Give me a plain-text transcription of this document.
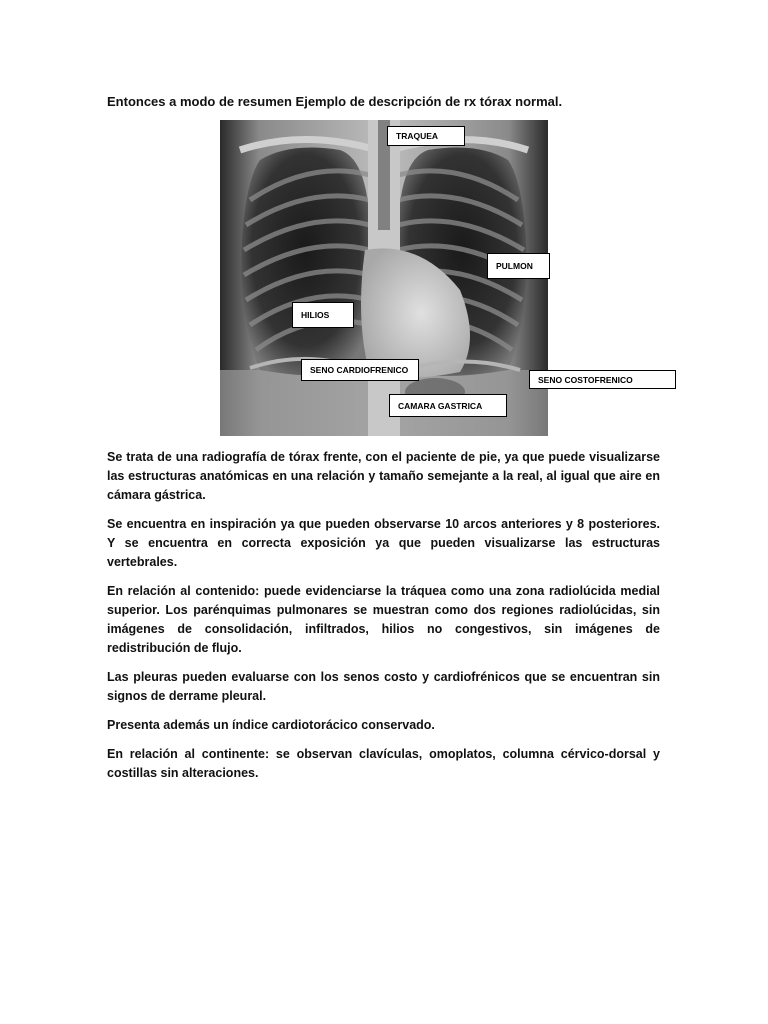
Entonces a modo de resumen Ejemplo de descripción de rx tórax normal.
TRAQUEA
PULMON
HILIOS
SENO CARDIOFRENICO
SENO COSTOFRENICO
CAMARA GASTRICA

Se trata de una radiografía de tórax frente, con el paciente de pie, ya que puede visualizarse las estructuras anatómicas en una relación y tamaño semejante a la real, al igual que aire en cámara gástrica.

Se encuentra en inspiración ya que pueden observarse 10 arcos anteriores y 8 posteriores. Y se encuentra en correcta exposición ya que pueden visualizarse las estructuras vertebrales.

En relación al contenido: puede evidenciarse la tráquea como una zona radiolúcida medial superior. Los parénquimas pulmonares se muestran como dos regiones radiolúcidas, sin imágenes de consolidación, infiltrados, hilios no congestivos, sin imágenes de redistribución de flujo.

Las pleuras pueden evaluarse con los senos costo y cardiofrénicos que se encuentran sin signos de derrame pleural.

Presenta además un índice cardiotorácico conservado.

En relación al continente: se observan clavículas, omoplatos, columna cérvico-dorsal y costillas sin alteraciones.
